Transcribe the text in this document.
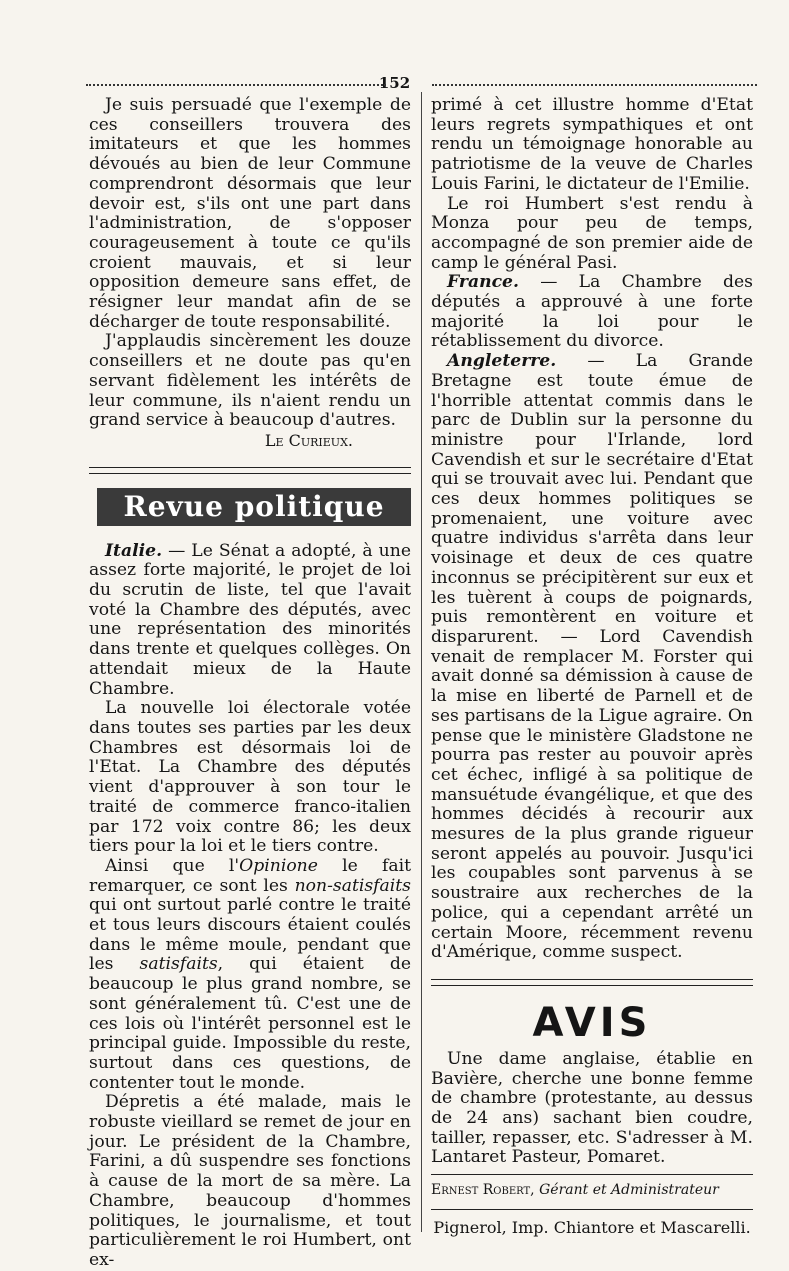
152

Je suis persuadé que l'exemple de ces conseillers trouvera des imitateurs et que les hommes dévoués au bien de leur Commune comprendront désormais que leur devoir est, s'ils ont une part dans l'administration, de s'opposer courageusement à toute ce qu'ils croient mauvais, et si leur opposition demeure sans effet, de résigner leur mandat afin de se décharger de toute responsabilité.

J'applaudis sincèrement les douze conseillers et ne doute pas qu'en servant fidèlement les intérêts de leur commune, ils n'aient rendu un grand service à beaucoup d'autres.

Le Curieux.

Revue politique

Italie. — Le Sénat a adopté, à une assez forte majorité, le projet de loi du scrutin de liste, tel que l'avait voté la Chambre des députés, avec une représentation des minorités dans trente et quelques collèges. On attendait mieux de la Haute Chambre.

La nouvelle loi électorale votée dans toutes ses parties par les deux Chambres est désormais loi de l'Etat. La Chambre des députés vient d'approuver à son tour le traité de commerce franco-italien par 172 voix contre 86; les deux tiers pour la loi et le tiers contre.

Ainsi que l'Opinione le fait remarquer, ce sont les non-satisfaits qui ont surtout parlé contre le traité et tous leurs discours étaient coulés dans le même moule, pendant que les satisfaits, qui étaient de beaucoup le plus grand nombre, se sont généralement tû. C'est une de ces lois où l'intérêt personnel est le principal guide. Impossible du reste, surtout dans ces questions, de contenter tout le monde.

Dépretis a été malade, mais le robuste vieillard se remet de jour en jour. Le président de la Chambre, Farini, a dû suspendre ses fonctions à cause de la mort de sa mère. La Chambre, beaucoup d'hommes politiques, le journalisme, et tout particulièrement le roi Humbert, ont ex-

primé à cet illustre homme d'Etat leurs regrets sympathiques et ont rendu un témoignage honorable au patriotisme de la veuve de Charles Louis Farini, le dictateur de l'Emilie.

Le roi Humbert s'est rendu à Monza pour peu de temps, accompagné de son premier aide de camp le général Pasi.

France. — La Chambre des députés a approuvé à une forte majorité la loi pour le rétablissement du divorce.

Angleterre. — La Grande Bretagne est toute émue de l'horrible attentat commis dans le parc de Dublin sur la personne du ministre pour l'Irlande, lord Cavendish et sur le secrétaire d'Etat qui se trouvait avec lui. Pendant que ces deux hommes politiques se promenaient, une voiture avec quatre individus s'arrêta dans leur voisinage et deux de ces quatre inconnus se précipitèrent sur eux et les tuèrent à coups de poignards, puis remontèrent en voiture et disparurent. — Lord Cavendish venait de remplacer M. Forster qui avait donné sa démission à cause de la mise en liberté de Parnell et de ses partisans de la Ligue agraire. On pense que le ministère Gladstone ne pourra pas rester au pouvoir après cet échec, infligé à sa politique de mansuétude évangélique, et que des hommes décidés à recourir aux mesures de la plus grande rigueur seront appelés au pouvoir. Jusqu'ici les coupables sont parvenus à se soustraire aux recherches de la police, qui a cependant arrêté un certain Moore, récemment revenu d'Amérique, comme suspect.

AVIS

Une dame anglaise, établie en Bavière, cherche une bonne femme de chambre (protestante, au dessus de 24 ans) sachant bien coudre, tailler, repasser, etc. S'adresser à M. Lantaret Pasteur, Pomaret.

Ernest Robert, Gérant et Administrateur
Pignerol, Imp. Chiantore et Mascarelli.
